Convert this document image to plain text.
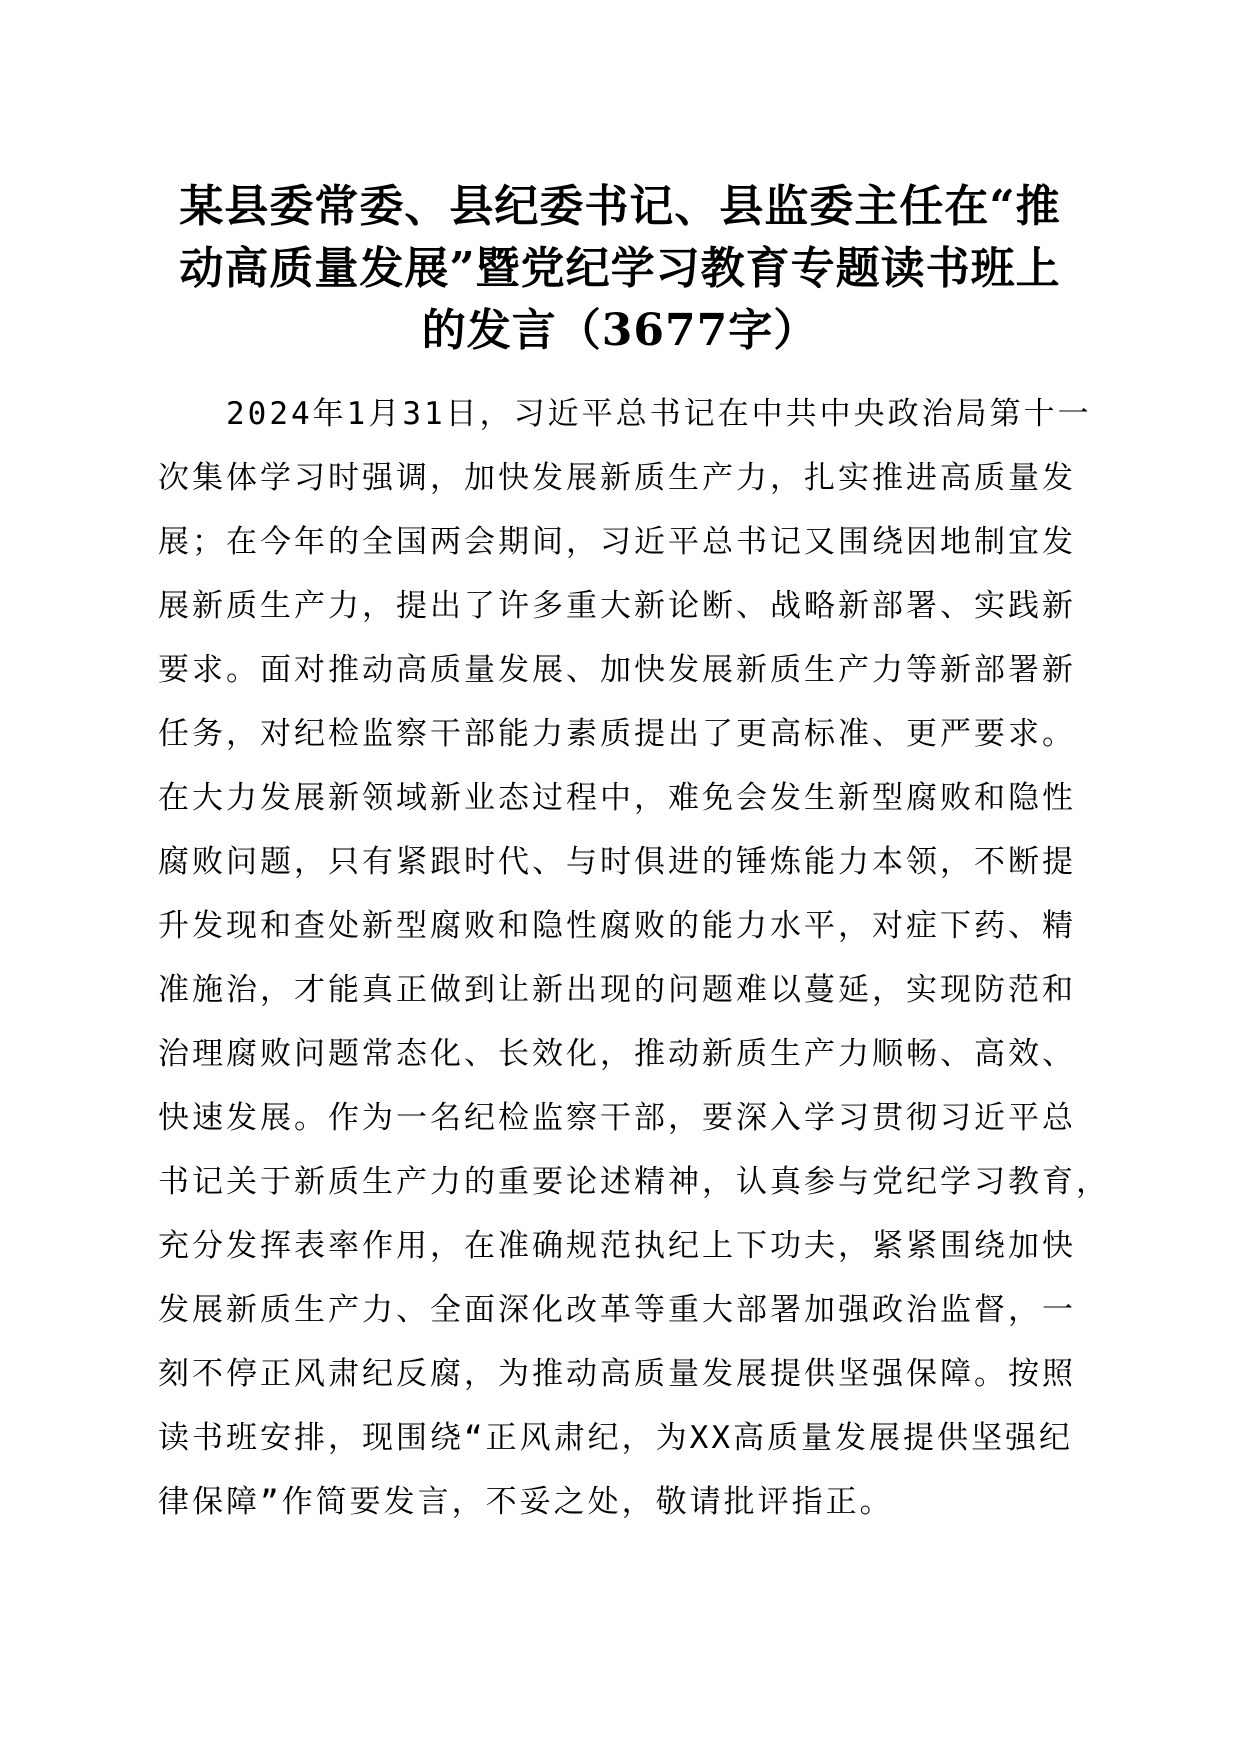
某县委常委、县纪委书记、县监委主任在“推
动高质量发展”暨党纪学习教育专题读书班上
的发言（3677字）
　　2024年1月31日，习近平总书记在中共中央政治局第十一
次集体学习时强调，加快发展新质生产力，扎实推进高质量发
展；在今年的全国两会期间，习近平总书记又围绕因地制宜发
展新质生产力，提出了许多重大新论断、战略新部署、实践新
要求。面对推动高质量发展、加快发展新质生产力等新部署新
任务，对纪检监察干部能力素质提出了更高标准、更严要求。
在大力发展新领域新业态过程中，难免会发生新型腐败和隐性
腐败问题，只有紧跟时代、与时俱进的锤炼能力本领，不断提
升发现和查处新型腐败和隐性腐败的能力水平，对症下药、精
准施治，才能真正做到让新出现的问题难以蔓延，实现防范和
治理腐败问题常态化、长效化，推动新质生产力顺畅、高效、
快速发展。作为一名纪检监察干部，要深入学习贯彻习近平总
书记关于新质生产力的重要论述精神，认真参与党纪学习教育，
充分发挥表率作用，在准确规范执纪上下功夫，紧紧围绕加快
发展新质生产力、全面深化改革等重大部署加强政治监督，一
刻不停正风肃纪反腐，为推动高质量发展提供坚强保障。按照
读书班安排，现围绕“正风肃纪，为XX高质量发展提供坚强纪
律保障”作简要发言，不妥之处，敬请批评指正。
